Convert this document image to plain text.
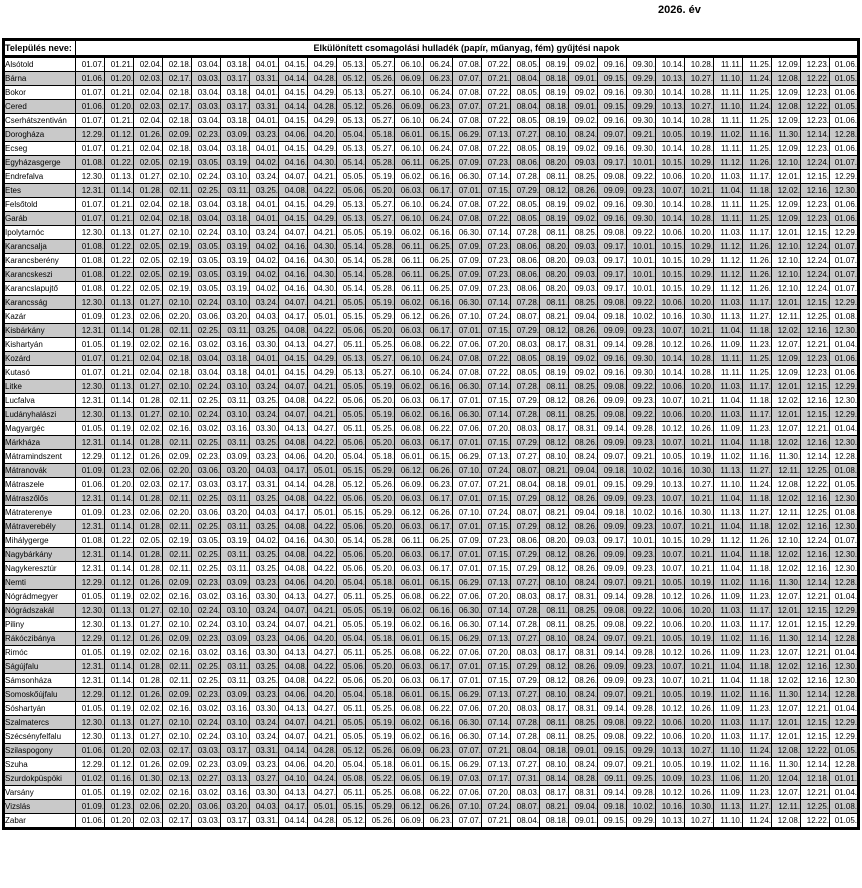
2026. év
Település neve:	Elkülönített csomagolási hulladék (papír, műanyag, fém) gyűjtési napok																										
Alsótold	01.07.	01.21.	02.04.	02.18.	03.04.	03.18.	04.01.	04.15.	04.29.	05.13.	05.27.	06.10.	06.24.	07.08.	07.22.	08.05.	08.19.	09.02.	09.16.	09.30.	10.14.	10.28.	11.11.	11.25.	12.09.	12.23.	01.06.
Bárna	01.06.	01.20.	02.03.	02.17.	03.03.	03.17.	03.31.	04.14.	04.28.	05.12.	05.26.	06.09.	06.23.	07.07.	07.21.	08.04.	08.18.	09.01.	09.15.	09.29.	10.13.	10.27.	11.10.	11.24.	12.08.	12.22.	01.05.
Bokor	01.07.	01.21.	02.04.	02.18.	03.04.	03.18.	04.01.	04.15.	04.29.	05.13.	05.27.	06.10.	06.24.	07.08.	07.22.	08.05.	08.19.	09.02.	09.16.	09.30.	10.14.	10.28.	11.11.	11.25.	12.09.	12.23.	01.06.
Cered	01.06.	01.20.	02.03.	02.17.	03.03.	03.17.	03.31.	04.14.	04.28.	05.12.	05.26.	06.09.	06.23.	07.07.	07.21.	08.04.	08.18.	09.01.	09.15.	09.29.	10.13.	10.27.	11.10.	11.24.	12.08.	12.22.	01.05.
Cserhátszentiván	01.07.	01.21.	02.04.	02.18.	03.04.	03.18.	04.01.	04.15.	04.29.	05.13.	05.27.	06.10.	06.24.	07.08.	07.22.	08.05.	08.19.	09.02.	09.16.	09.30.	10.14.	10.28.	11.11.	11.25.	12.09.	12.23.	01.06.
Dorogháza	12.29.	01.12.	01.26.	02.09.	02.23.	03.09.	03.23.	04.06.	04.20.	05.04.	05.18.	06.01.	06.15.	06.29.	07.13.	07.27.	08.10.	08.24.	09.07.	09.21.	10.05.	10.19.	11.02.	11.16.	11.30.	12.14.	12.28.
Ecseg	01.07.	01.21.	02.04.	02.18.	03.04.	03.18.	04.01.	04.15.	04.29.	05.13.	05.27.	06.10.	06.24.	07.08.	07.22.	08.05.	08.19.	09.02.	09.16.	09.30.	10.14.	10.28.	11.11.	11.25.	12.09.	12.23.	01.06.
Egyházasgerge	01.08.	01.22.	02.05.	02.19.	03.05.	03.19.	04.02.	04.16.	04.30.	05.14.	05.28.	06.11.	06.25.	07.09.	07.23.	08.06.	08.20.	09.03.	09.17.	10.01.	10.15.	10.29.	11.12.	11.26.	12.10.	12.24.	01.07.
Endrefalva	12.30.	01.13.	01.27.	02.10.	02.24.	03.10.	03.24.	04.07.	04.21.	05.05.	05.19.	06.02.	06.16.	06.30.	07.14.	07.28.	08.11.	08.25.	09.08.	09.22.	10.06.	10.20.	11.03.	11.17.	12.01.	12.15.	12.29.
Etes	12.31.	01.14.	01.28.	02.11.	02.25.	03.11.	03.25.	04.08.	04.22.	05.06.	05.20.	06.03.	06.17.	07.01.	07.15.	07.29.	08.12.	08.26.	09.09.	09.23.	10.07.	10.21.	11.04.	11.18.	12.02.	12.16.	12.30.
Felsőtold	01.07.	01.21.	02.04.	02.18.	03.04.	03.18.	04.01.	04.15.	04.29.	05.13.	05.27.	06.10.	06.24.	07.08.	07.22.	08.05.	08.19.	09.02.	09.16.	09.30.	10.14.	10.28.	11.11.	11.25.	12.09.	12.23.	01.06.
Garáb	01.07.	01.21.	02.04.	02.18.	03.04.	03.18.	04.01.	04.15.	04.29.	05.13.	05.27.	06.10.	06.24.	07.08.	07.22.	08.05.	08.19.	09.02.	09.16.	09.30.	10.14.	10.28.	11.11.	11.25.	12.09.	12.23.	01.06.
Ipolytarnóc	12.30.	01.13.	01.27.	02.10.	02.24.	03.10.	03.24.	04.07.	04.21.	05.05.	05.19.	06.02.	06.16.	06.30.	07.14.	07.28.	08.11.	08.25.	09.08.	09.22.	10.06.	10.20.	11.03.	11.17.	12.01.	12.15.	12.29.
Karancsalja	01.08.	01.22.	02.05.	02.19.	03.05.	03.19.	04.02.	04.16.	04.30.	05.14.	05.28.	06.11.	06.25.	07.09.	07.23.	08.06.	08.20.	09.03.	09.17.	10.01.	10.15.	10.29.	11.12.	11.26.	12.10.	12.24.	01.07.
Karancsberény	01.08.	01.22.	02.05.	02.19.	03.05.	03.19.	04.02.	04.16.	04.30.	05.14.	05.28.	06.11.	06.25.	07.09.	07.23.	08.06.	08.20.	09.03.	09.17.	10.01.	10.15.	10.29.	11.12.	11.26.	12.10.	12.24.	01.07.
Karancskeszi	01.08.	01.22.	02.05.	02.19.	03.05.	03.19.	04.02.	04.16.	04.30.	05.14.	05.28.	06.11.	06.25.	07.09.	07.23.	08.06.	08.20.	09.03.	09.17.	10.01.	10.15.	10.29.	11.12.	11.26.	12.10.	12.24.	01.07.
Karancslapujtő	01.08.	01.22.	02.05.	02.19.	03.05.	03.19.	04.02.	04.16.	04.30.	05.14.	05.28.	06.11.	06.25.	07.09.	07.23.	08.06.	08.20.	09.03.	09.17.	10.01.	10.15.	10.29.	11.12.	11.26.	12.10.	12.24.	01.07.
Karancsság	12.30.	01.13.	01.27.	02.10.	02.24.	03.10.	03.24.	04.07.	04.21.	05.05.	05.19.	06.02.	06.16.	06.30.	07.14.	07.28.	08.11.	08.25.	09.08.	09.22.	10.06.	10.20.	11.03.	11.17.	12.01.	12.15.	12.29.
Kazár	01.09.	01.23.	02.06.	02.20.	03.06.	03.20.	04.03.	04.17.	05.01.	05.15.	05.29.	06.12.	06.26.	07.10.	07.24.	08.07.	08.21.	09.04.	09.18.	10.02.	10.16.	10.30.	11.13.	11.27.	12.11.	12.25.	01.08.
Kisbárkány	12.31.	01.14.	01.28.	02.11.	02.25.	03.11.	03.25.	04.08.	04.22.	05.06.	05.20.	06.03.	06.17.	07.01.	07.15.	07.29.	08.12.	08.26.	09.09.	09.23.	10.07.	10.21.	11.04.	11.18.	12.02.	12.16.	12.30.
Kishartyán	01.05.	01.19.	02.02.	02.16.	03.02.	03.16.	03.30.	04.13.	04.27.	05.11.	05.25.	06.08.	06.22.	07.06.	07.20.	08.03.	08.17.	08.31.	09.14.	09.28.	10.12.	10.26.	11.09.	11.23.	12.07.	12.21.	01.04.
Kozárd	01.07.	01.21.	02.04.	02.18.	03.04.	03.18.	04.01.	04.15.	04.29.	05.13.	05.27.	06.10.	06.24.	07.08.	07.22.	08.05.	08.19.	09.02.	09.16.	09.30.	10.14.	10.28.	11.11.	11.25.	12.09.	12.23.	01.06.
Kutasó	01.07.	01.21.	02.04.	02.18.	03.04.	03.18.	04.01.	04.15.	04.29.	05.13.	05.27.	06.10.	06.24.	07.08.	07.22.	08.05.	08.19.	09.02.	09.16.	09.30.	10.14.	10.28.	11.11.	11.25.	12.09.	12.23.	01.06.
Litke	12.30.	01.13.	01.27.	02.10.	02.24.	03.10.	03.24.	04.07.	04.21.	05.05.	05.19.	06.02.	06.16.	06.30.	07.14.	07.28.	08.11.	08.25.	09.08.	09.22.	10.06.	10.20.	11.03.	11.17.	12.01.	12.15.	12.29.
Lucfalva	12.31.	01.14.	01.28.	02.11.	02.25.	03.11.	03.25.	04.08.	04.22.	05.06.	05.20.	06.03.	06.17.	07.01.	07.15.	07.29.	08.12.	08.26.	09.09.	09.23.	10.07.	10.21.	11.04.	11.18.	12.02.	12.16.	12.30.
Ludányhalászi	12.30.	01.13.	01.27.	02.10.	02.24.	03.10.	03.24.	04.07.	04.21.	05.05.	05.19.	06.02.	06.16.	06.30.	07.14.	07.28.	08.11.	08.25.	09.08.	09.22.	10.06.	10.20.	11.03.	11.17.	12.01.	12.15.	12.29.
Magyargéc	01.05.	01.19.	02.02.	02.16.	03.02.	03.16.	03.30.	04.13.	04.27.	05.11.	05.25.	06.08.	06.22.	07.06.	07.20.	08.03.	08.17.	08.31.	09.14.	09.28.	10.12.	10.26.	11.09.	11.23.	12.07.	12.21.	01.04.
Márkháza	12.31.	01.14.	01.28.	02.11.	02.25.	03.11.	03.25.	04.08.	04.22.	05.06.	05.20.	06.03.	06.17.	07.01.	07.15.	07.29.	08.12.	08.26.	09.09.	09.23.	10.07.	10.21.	11.04.	11.18.	12.02.	12.16.	12.30.
Mátramindszent	12.29.	01.12.	01.26.	02.09.	02.23.	03.09.	03.23.	04.06.	04.20.	05.04.	05.18.	06.01.	06.15.	06.29.	07.13.	07.27.	08.10.	08.24.	09.07.	09.21.	10.05.	10.19.	11.02.	11.16.	11.30.	12.14.	12.28.
Mátranovák	01.09.	01.23.	02.06.	02.20.	03.06.	03.20.	04.03.	04.17.	05.01.	05.15.	05.29.	06.12.	06.26.	07.10.	07.24.	08.07.	08.21.	09.04.	09.18.	10.02.	10.16.	10.30.	11.13.	11.27.	12.11.	12.25.	01.08.
Mátraszele	01.06.	01.20.	02.03.	02.17.	03.03.	03.17.	03.31.	04.14.	04.28.	05.12.	05.26.	06.09.	06.23.	07.07.	07.21.	08.04.	08.18.	09.01.	09.15.	09.29.	10.13.	10.27.	11.10.	11.24.	12.08.	12.22.	01.05.
Mátraszőlős	12.31.	01.14.	01.28.	02.11.	02.25.	03.11.	03.25.	04.08.	04.22.	05.06.	05.20.	06.03.	06.17.	07.01.	07.15.	07.29.	08.12.	08.26.	09.09.	09.23.	10.07.	10.21.	11.04.	11.18.	12.02.	12.16.	12.30.
Mátraterenye	01.09.	01.23.	02.06.	02.20.	03.06.	03.20.	04.03.	04.17.	05.01.	05.15.	05.29.	06.12.	06.26.	07.10.	07.24.	08.07.	08.21.	09.04.	09.18.	10.02.	10.16.	10.30.	11.13.	11.27.	12.11.	12.25.	01.08.
Mátraverebély	12.31.	01.14.	01.28.	02.11.	02.25.	03.11.	03.25.	04.08.	04.22.	05.06.	05.20.	06.03.	06.17.	07.01.	07.15.	07.29.	08.12.	08.26.	09.09.	09.23.	10.07.	10.21.	11.04.	11.18.	12.02.	12.16.	12.30.
Mihálygerge	01.08.	01.22.	02.05.	02.19.	03.05.	03.19.	04.02.	04.16.	04.30.	05.14.	05.28.	06.11.	06.25.	07.09.	07.23.	08.06.	08.20.	09.03.	09.17.	10.01.	10.15.	10.29.	11.12.	11.26.	12.10.	12.24.	01.07.
Nagybárkány	12.31.	01.14.	01.28.	02.11.	02.25.	03.11.	03.25.	04.08.	04.22.	05.06.	05.20.	06.03.	06.17.	07.01.	07.15.	07.29.	08.12.	08.26.	09.09.	09.23.	10.07.	10.21.	11.04.	11.18.	12.02.	12.16.	12.30.
Nagykeresztúr	12.31.	01.14.	01.28.	02.11.	02.25.	03.11.	03.25.	04.08.	04.22.	05.06.	05.20.	06.03.	06.17.	07.01.	07.15.	07.29.	08.12.	08.26.	09.09.	09.23.	10.07.	10.21.	11.04.	11.18.	12.02.	12.16.	12.30.
Nemti	12.29.	01.12.	01.26.	02.09.	02.23.	03.09.	03.23.	04.06.	04.20.	05.04.	05.18.	06.01.	06.15.	06.29.	07.13.	07.27.	08.10.	08.24.	09.07.	09.21.	10.05.	10.19.	11.02.	11.16.	11.30.	12.14.	12.28.
Nógrádmegyer	01.05.	01.19.	02.02.	02.16.	03.02.	03.16.	03.30.	04.13.	04.27.	05.11.	05.25.	06.08.	06.22.	07.06.	07.20.	08.03.	08.17.	08.31.	09.14.	09.28.	10.12.	10.26.	11.09.	11.23.	12.07.	12.21.	01.04.
Nógrádszakál	12.30.	01.13.	01.27.	02.10.	02.24.	03.10.	03.24.	04.07.	04.21.	05.05.	05.19.	06.02.	06.16.	06.30.	07.14.	07.28.	08.11.	08.25.	09.08.	09.22.	10.06.	10.20.	11.03.	11.17.	12.01.	12.15.	12.29.
Piliny	12.30.	01.13.	01.27.	02.10.	02.24.	03.10.	03.24.	04.07.	04.21.	05.05.	05.19.	06.02.	06.16.	06.30.	07.14.	07.28.	08.11.	08.25.	09.08.	09.22.	10.06.	10.20.	11.03.	11.17.	12.01.	12.15.	12.29.
Rákóczibánya	12.29.	01.12.	01.26.	02.09.	02.23.	03.09.	03.23.	04.06.	04.20.	05.04.	05.18.	06.01.	06.15.	06.29.	07.13.	07.27.	08.10.	08.24.	09.07.	09.21.	10.05.	10.19.	11.02.	11.16.	11.30.	12.14.	12.28.
Rimóc	01.05.	01.19.	02.02.	02.16.	03.02.	03.16.	03.30.	04.13.	04.27.	05.11.	05.25.	06.08.	06.22.	07.06.	07.20.	08.03.	08.17.	08.31.	09.14.	09.28.	10.12.	10.26.	11.09.	11.23.	12.07.	12.21.	01.04.
Ságújfalu	12.31.	01.14.	01.28.	02.11.	02.25.	03.11.	03.25.	04.08.	04.22.	05.06.	05.20.	06.03.	06.17.	07.01.	07.15.	07.29.	08.12.	08.26.	09.09.	09.23.	10.07.	10.21.	11.04.	11.18.	12.02.	12.16.	12.30.
Sámsonháza	12.31.	01.14.	01.28.	02.11.	02.25.	03.11.	03.25.	04.08.	04.22.	05.06.	05.20.	06.03.	06.17.	07.01.	07.15.	07.29.	08.12.	08.26.	09.09.	09.23.	10.07.	10.21.	11.04.	11.18.	12.02.	12.16.	12.30.
Somoskőújfalu	12.29.	01.12.	01.26.	02.09.	02.23.	03.09.	03.23.	04.06.	04.20.	05.04.	05.18.	06.01.	06.15.	06.29.	07.13.	07.27.	08.10.	08.24.	09.07.	09.21.	10.05.	10.19.	11.02.	11.16.	11.30.	12.14.	12.28.
Sóshartyán	01.05.	01.19.	02.02.	02.16.	03.02.	03.16.	03.30.	04.13.	04.27.	05.11.	05.25.	06.08.	06.22.	07.06.	07.20.	08.03.	08.17.	08.31.	09.14.	09.28.	10.12.	10.26.	11.09.	11.23.	12.07.	12.21.	01.04.
Szalmatercs	12.30.	01.13.	01.27.	02.10.	02.24.	03.10.	03.24.	04.07.	04.21.	05.05.	05.19.	06.02.	06.16.	06.30.	07.14.	07.28.	08.11.	08.25.	09.08.	09.22.	10.06.	10.20.	11.03.	11.17.	12.01.	12.15.	12.29.
Szécsényfelfalu	12.30.	01.13.	01.27.	02.10.	02.24.	03.10.	03.24.	04.07.	04.21.	05.05.	05.19.	06.02.	06.16.	06.30.	07.14.	07.28.	08.11.	08.25.	09.08.	09.22.	10.06.	10.20.	11.03.	11.17.	12.01.	12.15.	12.29.
Szilaspogony	01.06.	01.20.	02.03.	02.17.	03.03.	03.17.	03.31.	04.14.	04.28.	05.12.	05.26.	06.09.	06.23.	07.07.	07.21.	08.04.	08.18.	09.01.	09.15.	09.29.	10.13.	10.27.	11.10.	11.24.	12.08.	12.22.	01.05.
Szuha	12.29.	01.12.	01.26.	02.09.	02.23.	03.09.	03.23.	04.06.	04.20.	05.04.	05.18.	06.01.	06.15.	06.29.	07.13.	07.27.	08.10.	08.24.	09.07.	09.21.	10.05.	10.19.	11.02.	11.16.	11.30.	12.14.	12.28.
Szurdokpüspöki	01.02.	01.16.	01.30.	02.13.	02.27.	03.13.	03.27.	04.10.	04.24.	05.08.	05.22.	06.05.	06.19.	07.03.	07.17.	07.31.	08.14.	08.28.	09.11.	09.25.	10.09.	10.23.	11.06.	11.20.	12.04.	12.18.	01.01.
Varsány	01.05.	01.19.	02.02.	02.16.	03.02.	03.16.	03.30.	04.13.	04.27.	05.11.	05.25.	06.08.	06.22.	07.06.	07.20.	08.03.	08.17.	08.31.	09.14.	09.28.	10.12.	10.26.	11.09.	11.23.	12.07.	12.21.	01.04.
Vizslás	01.09.	01.23.	02.06.	02.20.	03.06.	03.20.	04.03.	04.17.	05.01.	05.15.	05.29.	06.12.	06.26.	07.10.	07.24.	08.07.	08.21.	09.04.	09.18.	10.02.	10.16.	10.30.	11.13.	11.27.	12.11.	12.25.	01.08.
Zabar	01.06.	01.20.	02.03.	02.17.	03.03.	03.17.	03.31.	04.14.	04.28.	05.12.	05.26.	06.09.	06.23.	07.07.	07.21.	08.04.	08.18.	09.01.	09.15.	09.29.	10.13.	10.27.	11.10.	11.24.	12.08.	12.22.	01.05.
